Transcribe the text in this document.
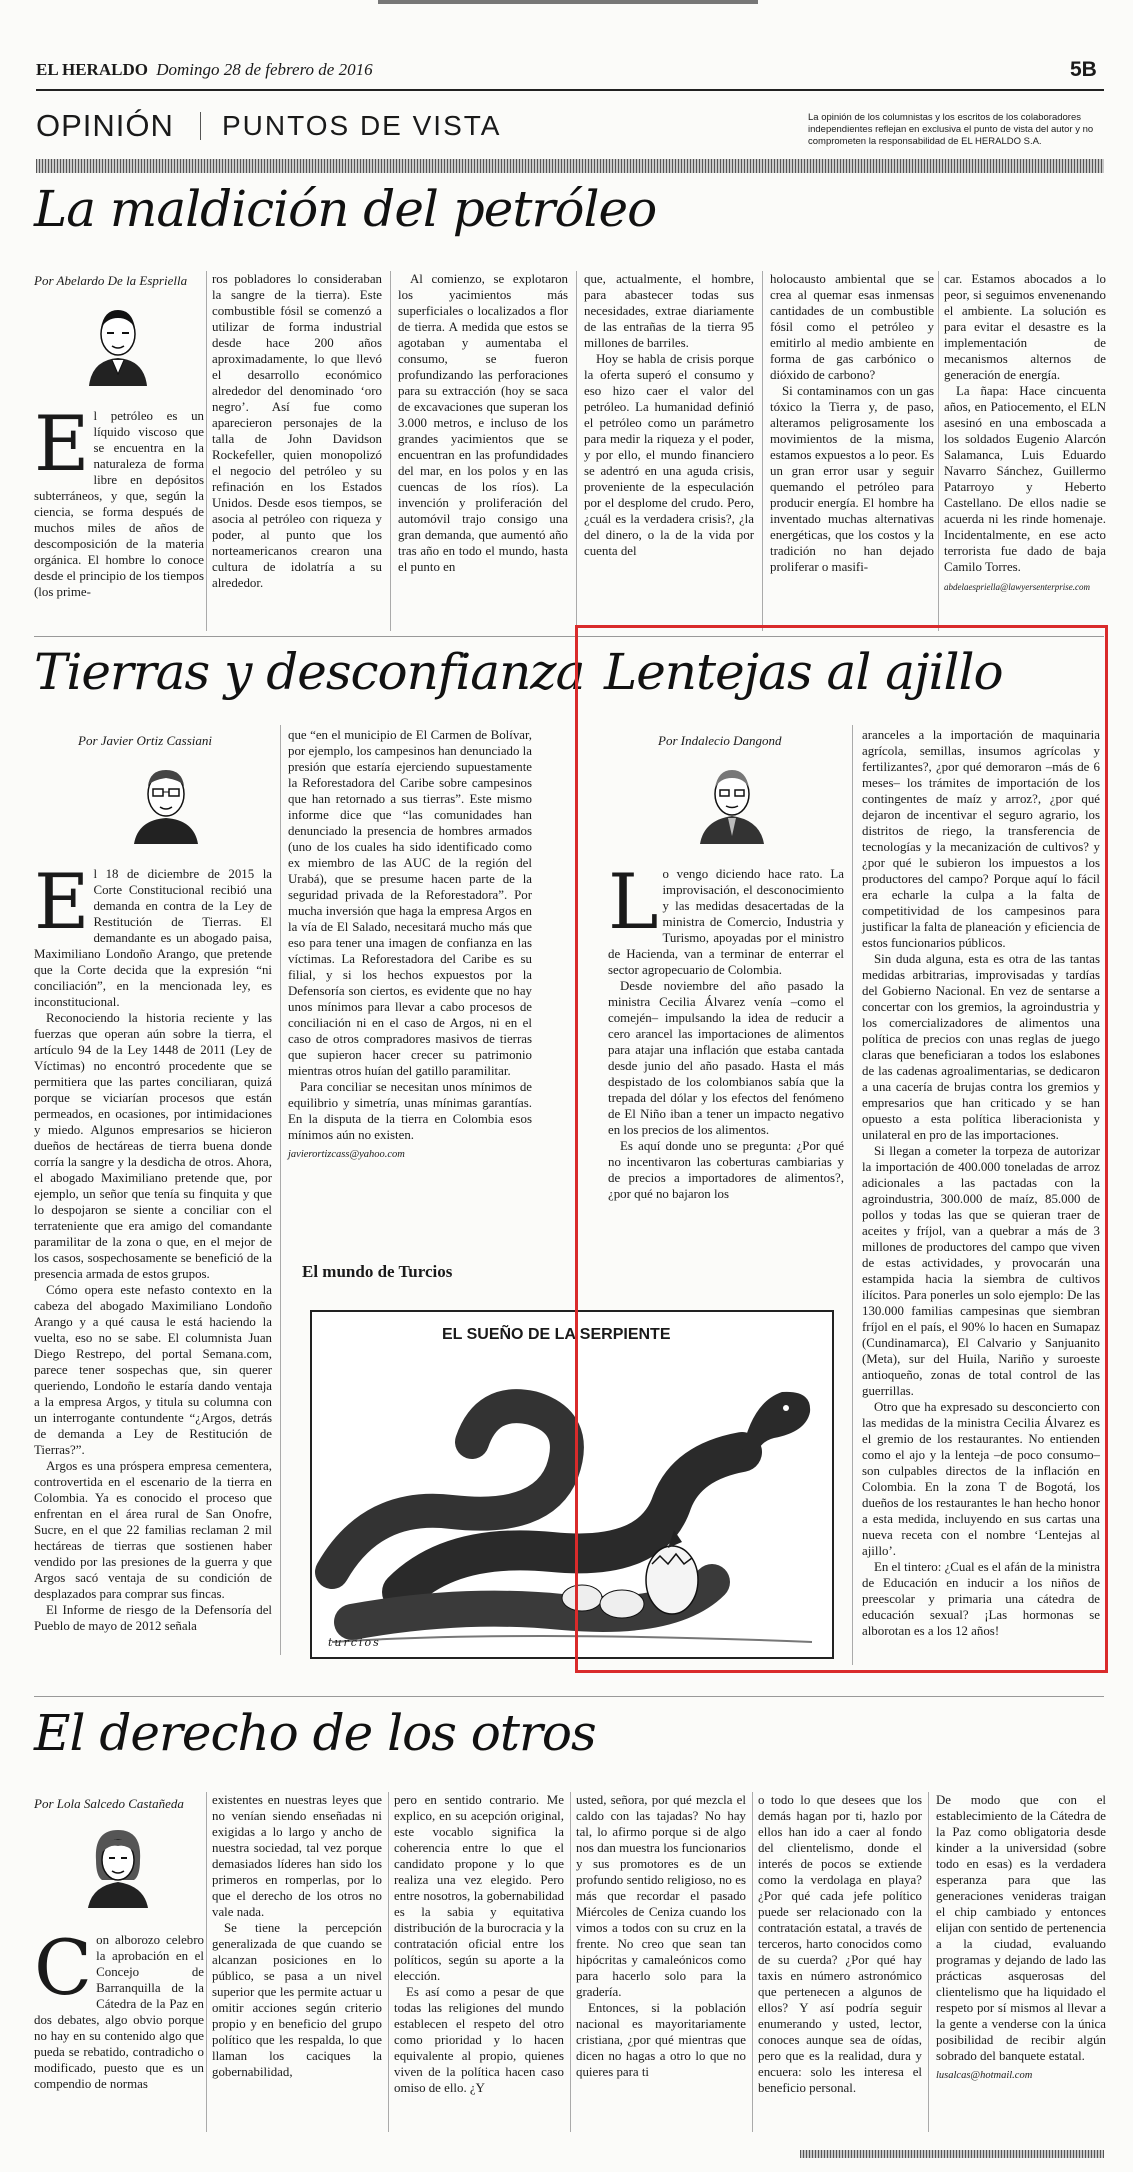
EL HERALDO Domingo 28 de febrero de 2016	5B
OPINIÓN PUNTOS DE VISTA	La opinión de los columnistas y los escritos de los colaboradores independientes reflejan en exclusiva el punto de vista del autor y no comprometen la responsabilidad de EL HERALDO S.A.
La maldición del petróleo
Por Abelardo De la Espriella

El petróleo es un líquido viscoso que se encuentra en la naturaleza de forma libre en depósitos subterráneos, y que, según la ciencia, se forma después de muchos miles de años de descomposición de la materia orgánica. El hombre lo conoce desde el principio de los tiempos (los prime-

ros pobladores lo consideraban la sangre de la tierra). Este combustible fósil se comenzó a utilizar de forma industrial desde hace 200 años aproximadamente, lo que llevó el desarrollo económico alrededor del denominado ‘oro negro’. Así fue como aparecieron personajes de la talla de John Davidson Rockefeller, quien monopolizó el negocio del petróleo y su refinación en los Estados Unidos. Desde esos tiempos, se asocia al petróleo con riqueza y poder, al punto que los norteamericanos crearon una cultura de idolatría a su alrededor.

Al comienzo, se explotaron los yacimientos más superficiales o localizados a flor de tierra. A medida que estos se agotaban y aumentaba el consumo, se fueron profundizando las perforaciones para su extracción (hoy se saca de excavaciones que superan los 3.000 metros, e incluso de los grandes yacimientos que se encuentran en las profundidades del mar, en los polos y en las cuencas de los ríos). La invención y proliferación del automóvil trajo consigo una gran demanda, que aumentó año tras año en todo el mundo, hasta el punto en

que, actualmente, el hombre, para abastecer todas sus necesidades, extrae diariamente de las entrañas de la tierra 95 millones de barriles.

Hoy se habla de crisis porque la oferta superó el consumo y eso hizo caer el valor del petróleo. La humanidad definió el petróleo como un parámetro para medir la riqueza y el poder, y por ello, el mundo financiero se adentró en una aguda crisis, proveniente de la especulación por el desplome del crudo. Pero, ¿cuál es la verdadera crisis?, ¿la del dinero, o la de la vida por cuenta del

holocausto ambiental que se crea al quemar esas inmensas cantidades de un combustible fósil como el petróleo y emitirlo al medio ambiente en forma de gas carbónico o dióxido de carbono?

Si contaminamos con un gas tóxico la Tierra y, de paso, alteramos peligrosamente los movimientos de la misma, estamos expuestos a lo peor. Es un gran error usar y seguir quemando el petróleo para producir energía. El hombre ha inventado muchas alternativas energéticas, que los costos y la tradición no han dejado proliferar o masifi-

car. Estamos abocados a lo peor, si seguimos envenenando el ambiente. La solución es para evitar el desastre es la implementación de mecanismos alternos de generación de energía.

La ñapa: Hace cincuenta años, en Patiocemento, el ELN asesinó en una emboscada a los soldados Eugenio Alarcón Salamanca, Luis Eduardo Navarro Sánchez, Guillermo Patarroyo y Heberto Castellano. De ellos nadie se acuerda ni les rinde homenaje. Incidentalmente, en ese acto terrorista fue dado de baja Camilo Torres.

abdelaespriella@lawyersenterprise.com
Tierras y desconfianza
Por Javier Ortiz Cassiani

El 18 de diciembre de 2015 la Corte Constitucional recibió una demanda en contra de la Ley de Restitución de Tierras. El demandante es un abogado paisa, Maximiliano Londoño Arango, que pretende que la Corte decida que la expresión “ni conciliación”, en la mencionada ley, es inconstitucional.

Reconociendo la historia reciente y las fuerzas que operan aún sobre la tierra, el artículo 94 de la Ley 1448 de 2011 (Ley de Víctimas) no encontró procedente que se permitiera que las partes conciliaran, quizá porque se viciarían procesos que están permeados, en ocasiones, por intimidaciones y miedo. Algunos empresarios se hicieron dueños de hectáreas de tierra buena donde corría la sangre y la desdicha de otros. Ahora, el abogado Maximiliano pretende que, por ejemplo, un señor que tenía su finquita y que lo despojaron se siente a conciliar con el terrateniente que era amigo del comandante paramilitar de la zona o que, en el mejor de los casos, sospechosamente se benefició de la presencia armada de estos grupos.

Cómo opera este nefasto contexto en la cabeza del abogado Maximiliano Londoño Arango y a qué causa le está haciendo la vuelta, eso no se sabe. El columnista Juan Diego Restrepo, del portal Semana.com, parece tener sospechas que, sin querer queriendo, Londoño le estaría dando ventaja a la empresa Argos, y titula su columna con un interrogante contundente “¿Argos, detrás de demanda a Ley de Restitución de Tierras?”.

Argos es una próspera empresa cementera, controvertida en el escenario de la tierra en Colombia. Ya es conocido el proceso que enfrentan en el área rural de San Onofre, Sucre, en el que 22 familias reclaman 2 mil hectáreas de tierras que sostienen haber vendido por las presiones de la guerra y que Argos sacó ventaja de su condición de desplazados para comprar sus fincas.

El Informe de riesgo de la Defensoría del Pueblo de mayo de 2012 señala

que “en el municipio de El Carmen de Bolívar, por ejemplo, los campesinos han denunciado la presión que estaría ejerciendo supuestamente la Reforestadora del Caribe sobre campesinos que han retornado a sus tierras”. Este mismo informe dice que “las comunidades han denunciado la presencia de hombres armados (uno de los cuales ha sido identificado como ex miembro de las AUC de la región del Urabá), que se presume hacen parte de la seguridad privada de la Reforestadora”. Por mucha inversión que haga la empresa Argos en la vía de El Salado, necesitará mucho más que eso para tener una imagen de confianza en las víctimas. La Reforestadora del Caribe es su filial, y si los hechos expuestos por la Defensoría son ciertos, es evidente que no hay unos mínimos para llevar a cabo procesos de conciliación ni en el caso de Argos, ni en el caso de otros compradores masivos de tierras que supieron hacer crecer su patrimonio mientras otros huían del gatillo paramilitar.

Para conciliar se necesitan unos mínimos de equilibrio y simetría, unas mínimas garantías. En la disputa de la tierra en Colombia esos mínimos aún no existen.

javierortizcass@yahoo.com
El mundo de Turcios
EL SUEÑO DE LA SERPIENTE
turcios
Lentejas al ajillo
Por Indalecio Dangond

Lo vengo diciendo hace rato. La improvisación, el desconocimiento y las medidas desacertadas de la ministra de Comercio, Industria y Turismo, apoyadas por el ministro de Hacienda, van a terminar de enterrar el sector agropecuario de Colombia.

Desde noviembre del año pasado la ministra Cecilia Álvarez venía –como el comején– impulsando la idea de reducir a cero arancel las importaciones de alimentos para atajar una inflación que estaba cantada desde junio del año pasado. Hasta el más despistado de los colombianos sabía que la trepada del dólar y los efectos del fenómeno de El Niño iban a tener un impacto negativo en los precios de los alimentos.

Es aquí donde uno se pregunta: ¿Por qué no incentivaron las coberturas cambiarias y de precios a importadores de alimentos?, ¿por qué no bajaron los

aranceles a la importación de maquinaria agrícola, semillas, insumos agrícolas y fertilizantes?, ¿por qué demoraron –más de 6 meses– los trámites de importación de los contingentes de maíz y arroz?, ¿por qué dejaron de incentivar el seguro agrario, los distritos de riego, la transferencia de tecnologías y la mecanización de cultivos? y ¿por qué le subieron los impuestos a los productores del campo? Porque aquí lo fácil era echarle la culpa a la falta de competitividad de los campesinos para justificar la falta de planeación y eficiencia de estos funcionarios públicos.

Sin duda alguna, esta es otra de las tantas medidas arbitrarias, improvisadas y tardías del Gobierno Nacional. En vez de sentarse a concertar con los gremios, la agroindustria y los comercializadores de alimentos una política de precios con unas reglas de juego claras que beneficiaran a todos los eslabones de las cadenas agroalimentarias, se dedicaron a una cacería de brujas contra los gremios y empresarios que han criticado y se han opuesto a esta política liberacionista y unilateral en pro de las importaciones.

Si llegan a cometer la torpeza de autorizar la importación de 400.000 toneladas de arroz adicionales a las pactadas con la agroindustria, 300.000 de maíz, 85.000 de pollos y todas las que se quieran traer de aceites y fríjol, van a quebrar a más de 3 millones de productores del campo que viven de estas actividades, y provocarán una estampida hacia la siembra de cultivos ilícitos. Para ponerles un solo ejemplo: De las 130.000 familias campesinas que siembran fríjol en el país, el 90% lo hacen en Sumapaz (Cundinamarca), El Calvario y Sanjuanito (Meta), sur del Huila, Nariño y suroeste antioqueño, zonas de total control de las guerrillas.

Otro que ha expresado su desconcierto con las medidas de la ministra Cecilia Álvarez es el gremio de los restaurantes. No entienden como el ajo y la lenteja –de poco consumo– son culpables directos de la inflación en Colombia. En la zona T de Bogotá, los dueños de los restaurantes le han hecho honor a esta medida, incluyendo en sus cartas una nueva receta con el nombre ‘Lentejas al ajillo’.

En el tintero: ¿Cual es el afán de la ministra de Educación en inducir a los niños de preescolar y primaria una cátedra de educación sexual? ¡Las hormonas se alborotan es a los 12 años!

El derecho de los otros
Por Lola Salcedo Castañeda

Con alborozo celebro la aprobación en el Concejo de Barranquilla de la Cátedra de la Paz en dos debates, algo obvio porque no hay en su contenido algo que pueda se rebatido, contradicho o modificado, puesto que es un compendio de normas

existentes en nuestras leyes que no venían siendo enseñadas ni exigidas a lo largo y ancho de nuestra sociedad, tal vez porque demasiados líderes han sido los primeros en romperlas, por lo que el derecho de los otros no vale nada.

Se tiene la percepción generalizada de que cuando se alcanzan posiciones en lo público, se pasa a un nivel superior que les permite actuar u omitir acciones según criterio propio y en beneficio del grupo político que les respalda, lo que llaman los caciques la gobernabilidad,

pero en sentido contrario. Me explico, en su acepción original, este vocablo significa la coherencia entre lo que el candidato propone y lo que realiza una vez elegido. Pero entre nosotros, la gobernabilidad es la sabia y equitativa distribución de la burocracia y la contratación oficial entre los políticos, según su aporte a la elección.

Es así como a pesar de que todas las religiones del mundo establecen el respeto del otro como prioridad y lo hacen equivalente al propio, quienes viven de la política hacen caso omiso de ello. ¿Y

usted, señora, por qué mezcla el caldo con las tajadas? No hay tal, lo afirmo porque si de algo nos dan muestra los funcionarios y sus promotores es de un profundo sentido religioso, no es más que recordar el pasado Miércoles de Ceniza cuando los vimos a todos con su cruz en la frente. No creo que sean tan hipócritas y camaleónicos como para hacerlo solo para la gradería.

Entonces, si la población nacional es mayoritariamente cristiana, ¿por qué mientras que dicen no hagas a otro lo que no quieres para ti

o todo lo que desees que los demás hagan por ti, hazlo por ellos han ido a caer al fondo del clientelismo, donde el interés de pocos se extiende como la verdolaga en playa? ¿Por qué cada jefe político puede ser relacionado con la contratación estatal, a través de terceros, harto conocidos como de su cuerda? ¿Por qué hay taxis en número astronómico que pertenecen a algunos de ellos? Y así podría seguir enumerando y usted, lector, conoces aunque sea de oídas, pero que es la realidad, dura y encuera: solo les interesa el beneficio personal.

De modo que con el establecimiento de la Cátedra de la Paz como obligatoria desde kinder a la universidad (sobre todo en esas) es la verdadera esperanza para que las generaciones venideras traigan el chip cambiado y entonces elijan con sentido de pertenencia a la ciudad, evaluando programas y dejando de lado las prácticas asquerosas del clientelismo que ha liquidado el respeto por sí mismos al llevar a la gente a venderse con la única posibilidad de recibir algún sobrado del banquete estatal.

lusalcas@hotmail.com
